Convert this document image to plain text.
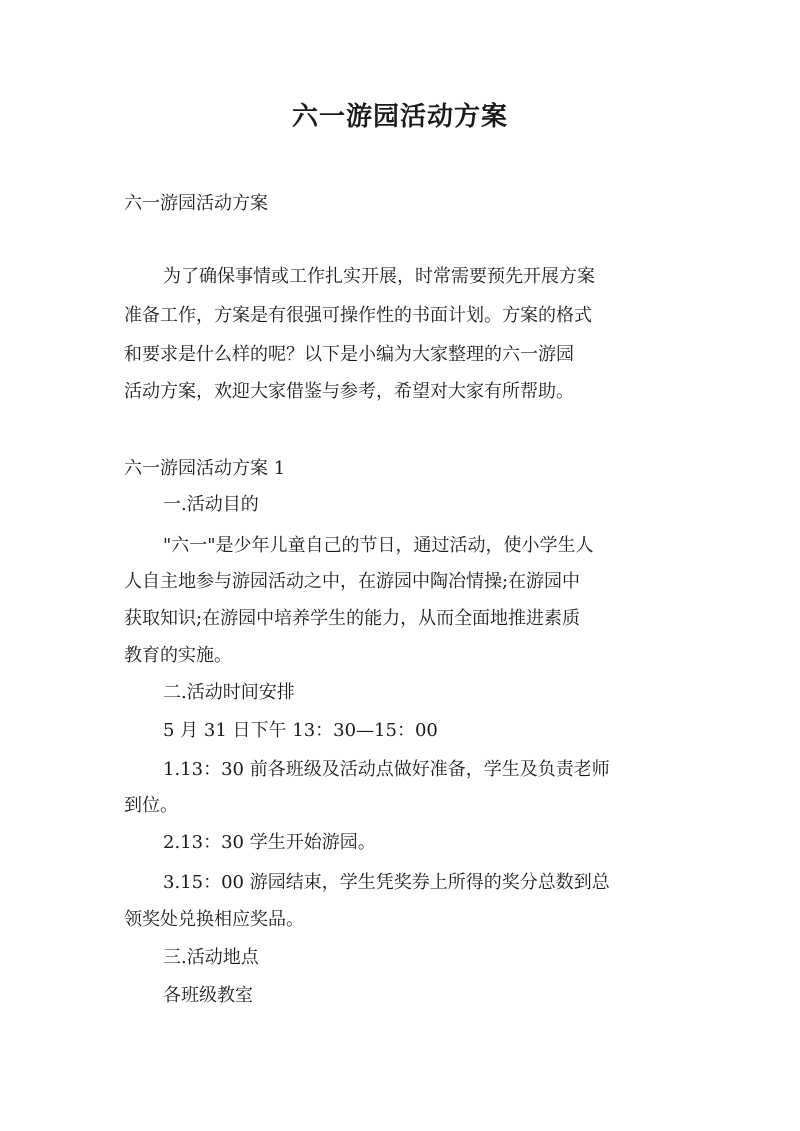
六一游园活动方案

六一游园活动方案

为了确保事情或工作扎实开展，时常需要预先开展方案

准备工作，方案是有很强可操作性的书面计划。方案的格式

和要求是什么样的呢？以下是小编为大家整理的六一游园

活动方案，欢迎大家借鉴与参考，希望对大家有所帮助。

六一游园活动方案 1

一.活动目的

"六一"是少年儿童自己的节日，通过活动，使小学生人

人自主地参与游园活动之中，在游园中陶冶情操;在游园中

获取知识;在游园中培养学生的能力，从而全面地推进素质

教育的实施。

二.活动时间安排

5 月 31 日下午 13：30—15：00

1.13：30 前各班级及活动点做好准备，学生及负责老师

到位。

2.13：30 学生开始游园。

3.15：00 游园结束，学生凭奖券上所得的奖分总数到总

领奖处兑换相应奖品。

三.活动地点

各班级教室
